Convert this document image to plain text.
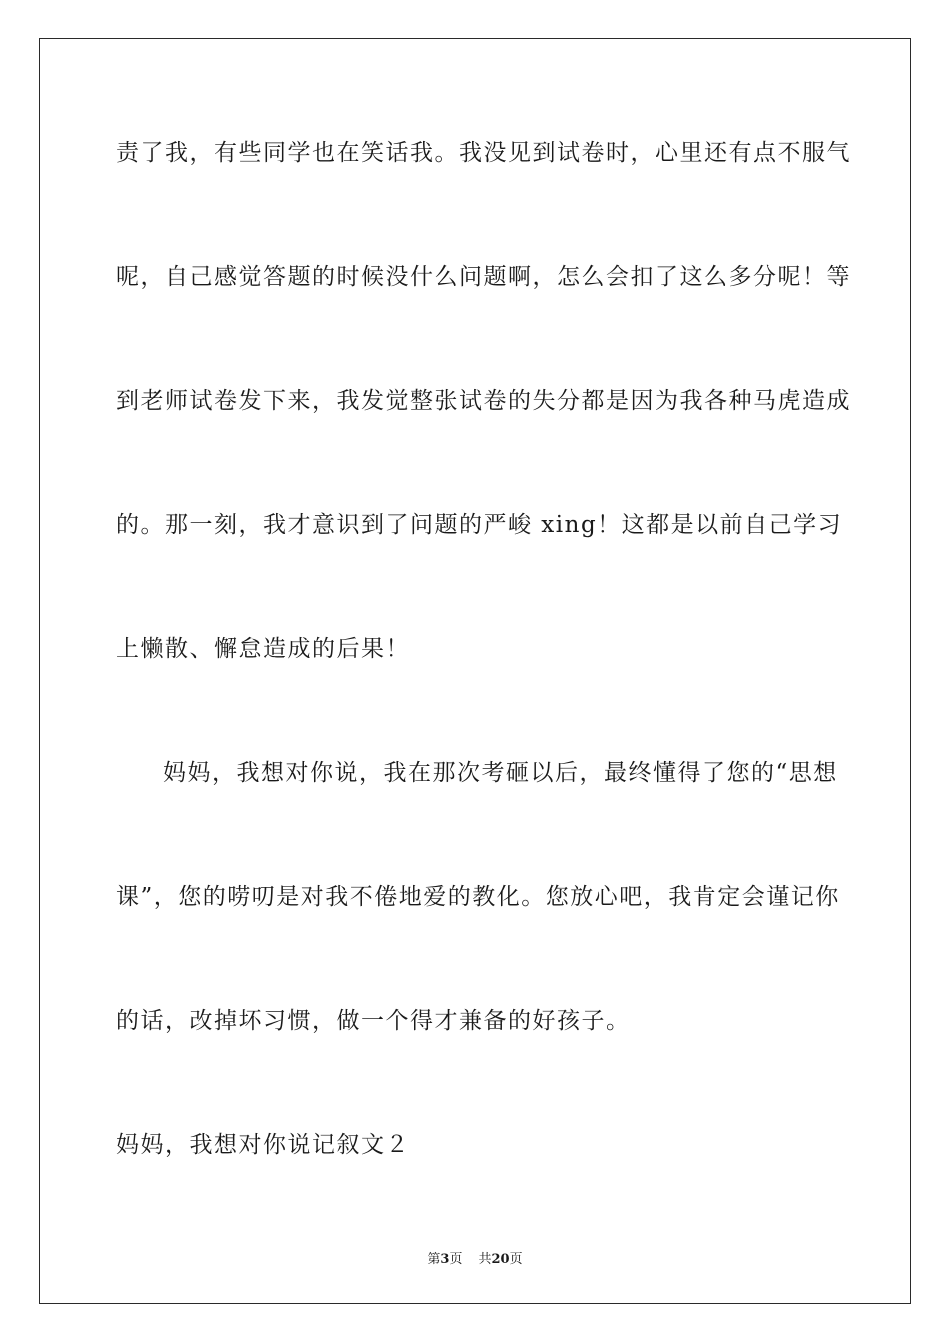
责了我，有些同学也在笑话我。我没见到试卷时，心里还有点不服气
呢，自己感觉答题的时候没什么问题啊，怎么会扣了这么多分呢！等
到老师试卷发下来，我发觉整张试卷的失分都是因为我各种马虎造成
的。那一刻，我才意识到了问题的严峻 xing！这都是以前自己学习
上懒散、懈怠造成的后果！
妈妈，我想对你说，我在那次考砸以后，最终懂得了您的“思想
课”，您的唠叨是对我不倦地爱的教化。您放心吧，我肯定会谨记你
的话，改掉坏习惯，做一个得才兼备的好孩子。
妈妈，我想对你说记叙文２
第3页 共20页
